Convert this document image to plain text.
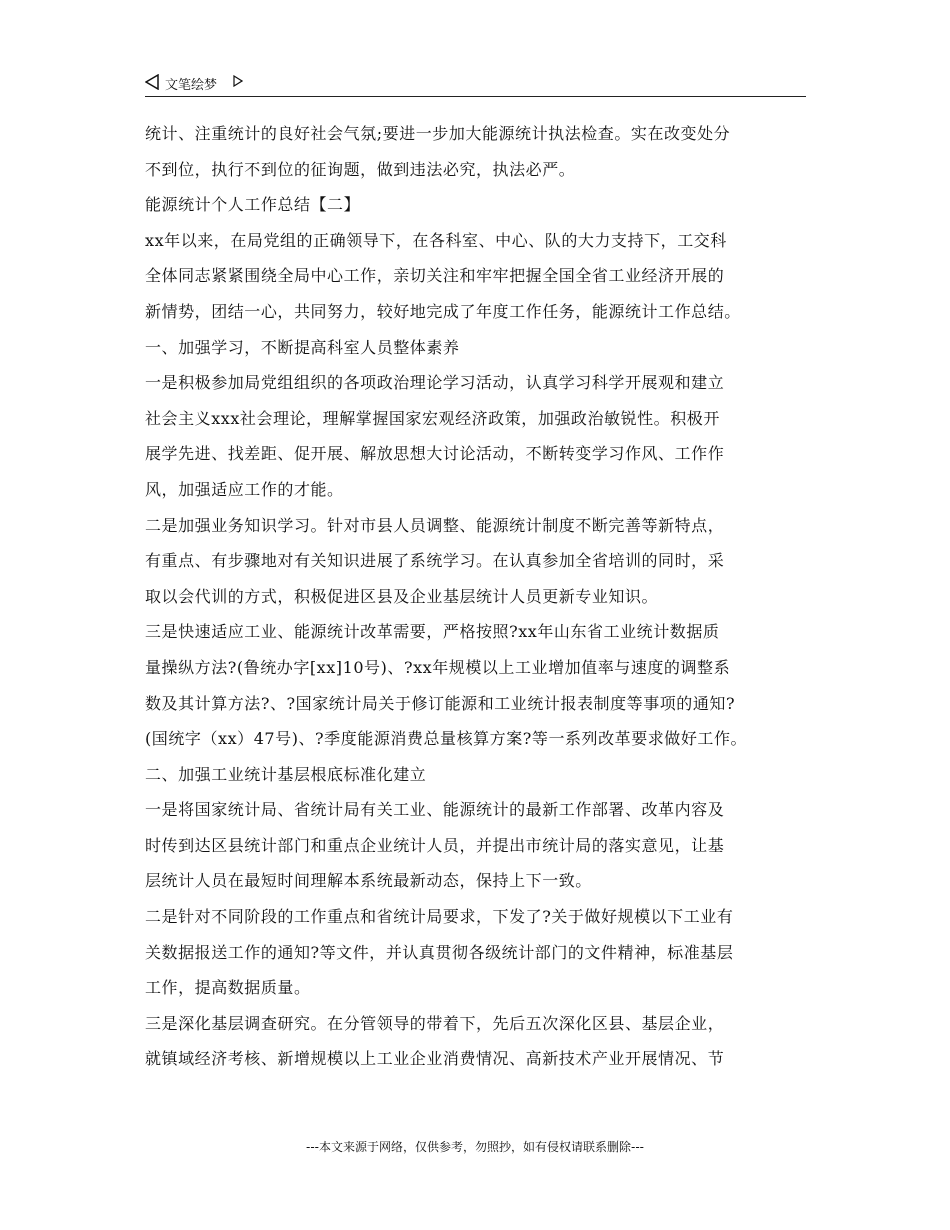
文笔绘梦
统计、注重统计的良好社会气氛;要进一步加大能源统计执法检查。实在改变处分
不到位，执行不到位的征询题，做到违法必究，执法必严。
能源统计个人工作总结【二】
xx年以来，在局党组的正确领导下，在各科室、中心、队的大力支持下，工交科
全体同志紧紧围绕全局中心工作，亲切关注和牢牢把握全国全省工业经济开展的
新情势，团结一心，共同努力，较好地完成了年度工作任务，能源统计工作总结。
一、加强学习，不断提高科室人员整体素养
一是积极参加局党组组织的各项政治理论学习活动，认真学习科学开展观和建立
社会主义xxx社会理论，理解掌握国家宏观经济政策，加强政治敏锐性。积极开
展学先进、找差距、促开展、解放思想大讨论活动，不断转变学习作风、工作作
风，加强适应工作的才能。
二是加强业务知识学习。针对市县人员调整、能源统计制度不断完善等新特点，
有重点、有步骤地对有关知识进展了系统学习。在认真参加全省培训的同时，采
取以会代训的方式，积极促进区县及企业基层统计人员更新专业知识。
三是快速适应工业、能源统计改革需要，严格按照?xx年山东省工业统计数据质
量操纵方法?(鲁统办字[xx]10号)、?xx年规模以上工业增加值率与速度的调整系
数及其计算方法?、?国家统计局关于修订能源和工业统计报表制度等事项的通知?
(国统字（xx）47号)、?季度能源消费总量核算方案?等一系列改革要求做好工作。
二、加强工业统计基层根底标准化建立
一是将国家统计局、省统计局有关工业、能源统计的最新工作部署、改革内容及
时传到达区县统计部门和重点企业统计人员，并提出市统计局的落实意见，让基
层统计人员在最短时间理解本系统最新动态，保持上下一致。
二是针对不同阶段的工作重点和省统计局要求，下发了?关于做好规模以下工业有
关数据报送工作的通知?等文件，并认真贯彻各级统计部门的文件精神，标准基层
工作，提高数据质量。
三是深化基层调查研究。在分管领导的带着下，先后五次深化区县、基层企业，
就镇域经济考核、新增规模以上工业企业消费情况、高新技术产业开展情况、节
---本文来源于网络，仅供参考，勿照抄，如有侵权请联系删除---
